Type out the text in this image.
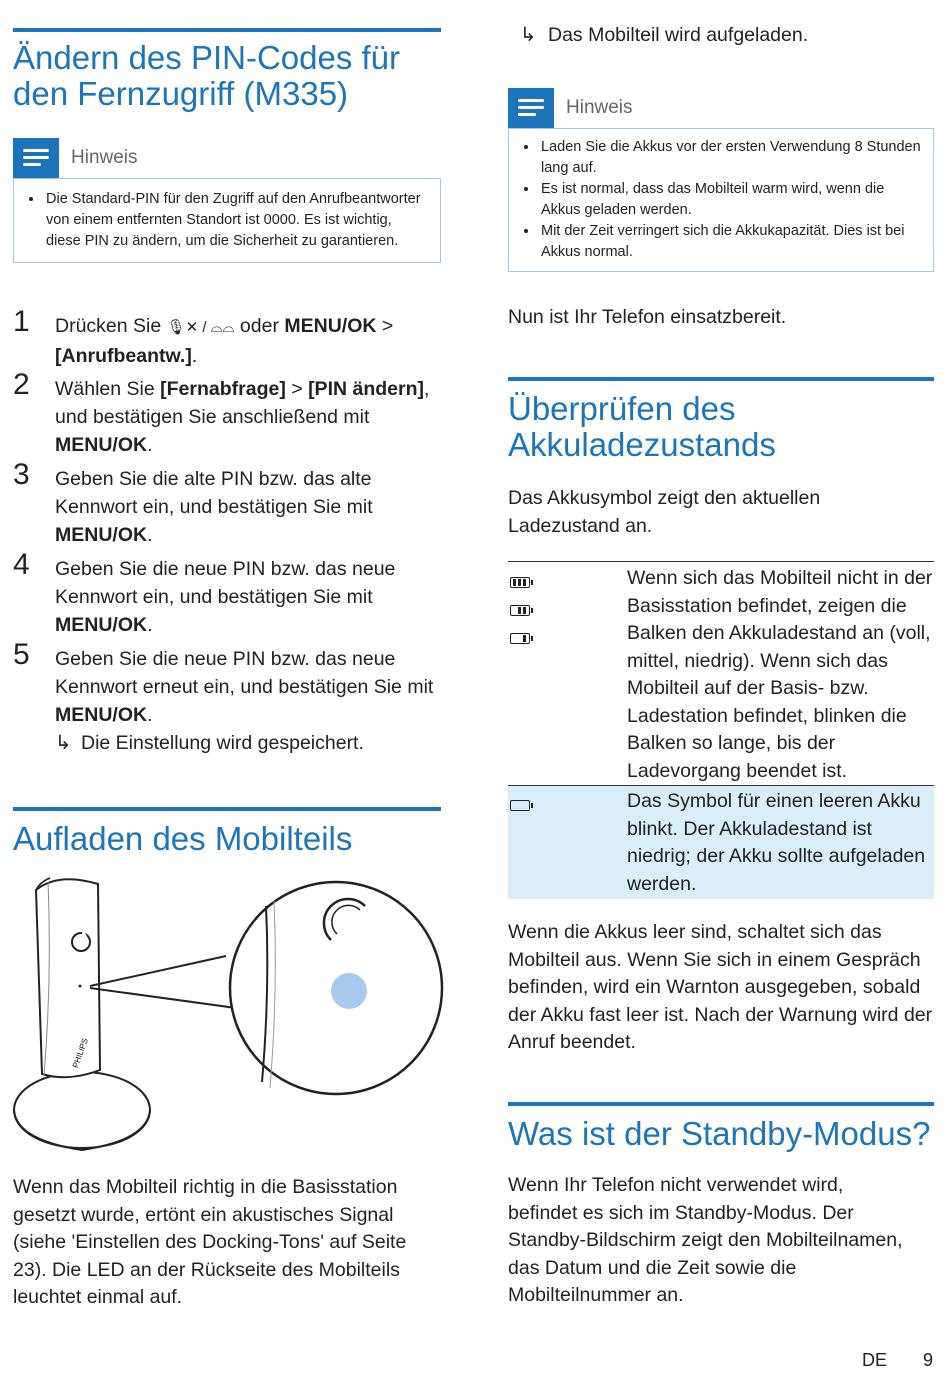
Ändern des PIN-Codes für den Fernzugriff (M335)
Hinweis
• Die Standard-PIN für den Zugriff auf den Anrufbeantworter von einem entfernten Standort ist 0000. Es ist wichtig, diese PIN zu ändern, um die Sicherheit zu garantieren.
1 Drücken Sie 🎙✕ / ⌓⌓ oder MENU/OK > [Anrufbeantw.].
2 Wählen Sie [Fernabfrage] > [PIN ändern], und bestätigen Sie anschließend mit MENU/OK.
3 Geben Sie die alte PIN bzw. das alte Kennwort ein, und bestätigen Sie mit MENU/OK.
4 Geben Sie die neue PIN bzw. das neue Kennwort ein, und bestätigen Sie mit MENU/OK.
5 Geben Sie die neue PIN bzw. das neue Kennwort erneut ein, und bestätigen Sie mit MENU/OK.
↳ Die Einstellung wird gespeichert.
Aufladen des Mobilteils
PHILIPS
Wenn das Mobilteil richtig in die Basisstation gesetzt wurde, ertönt ein akustisches Signal (siehe 'Einstellen des Docking-Tons' auf Seite 23). Die LED an der Rückseite des Mobilteils leuchtet einmal auf.
↳ Das Mobilteil wird aufgeladen.
Hinweis
• Laden Sie die Akkus vor der ersten Verwendung 8 Stunden lang auf.
• Es ist normal, dass das Mobilteil warm wird, wenn die Akkus geladen werden.
• Mit der Zeit verringert sich die Akkukapazität. Dies ist bei Akkus normal.
Nun ist Ihr Telefon einsatzbereit.
Überprüfen des Akkuladezustands
Das Akkusymbol zeigt den aktuellen Ladezustand an.
Wenn sich das Mobilteil nicht in der Basisstation befindet, zeigen die Balken den Akkuladestand an (voll, mittel, niedrig). Wenn sich das Mobilteil auf der Basis- bzw. Ladestation befindet, blinken die Balken so lange, bis der Ladevorgang beendet ist.
Das Symbol für einen leeren Akku blinkt. Der Akkuladestand ist niedrig; der Akku sollte aufgeladen werden.
Wenn die Akkus leer sind, schaltet sich das Mobilteil aus. Wenn Sie sich in einem Gespräch befinden, wird ein Warnton ausgegeben, sobald der Akku fast leer ist. Nach der Warnung wird der Anruf beendet.
Was ist der Standby-Modus?
Wenn Ihr Telefon nicht verwendet wird, befindet es sich im Standby-Modus. Der Standby-Bildschirm zeigt den Mobilteilnamen, das Datum und die Zeit sowie die Mobilteilnummer an.
DE 9
